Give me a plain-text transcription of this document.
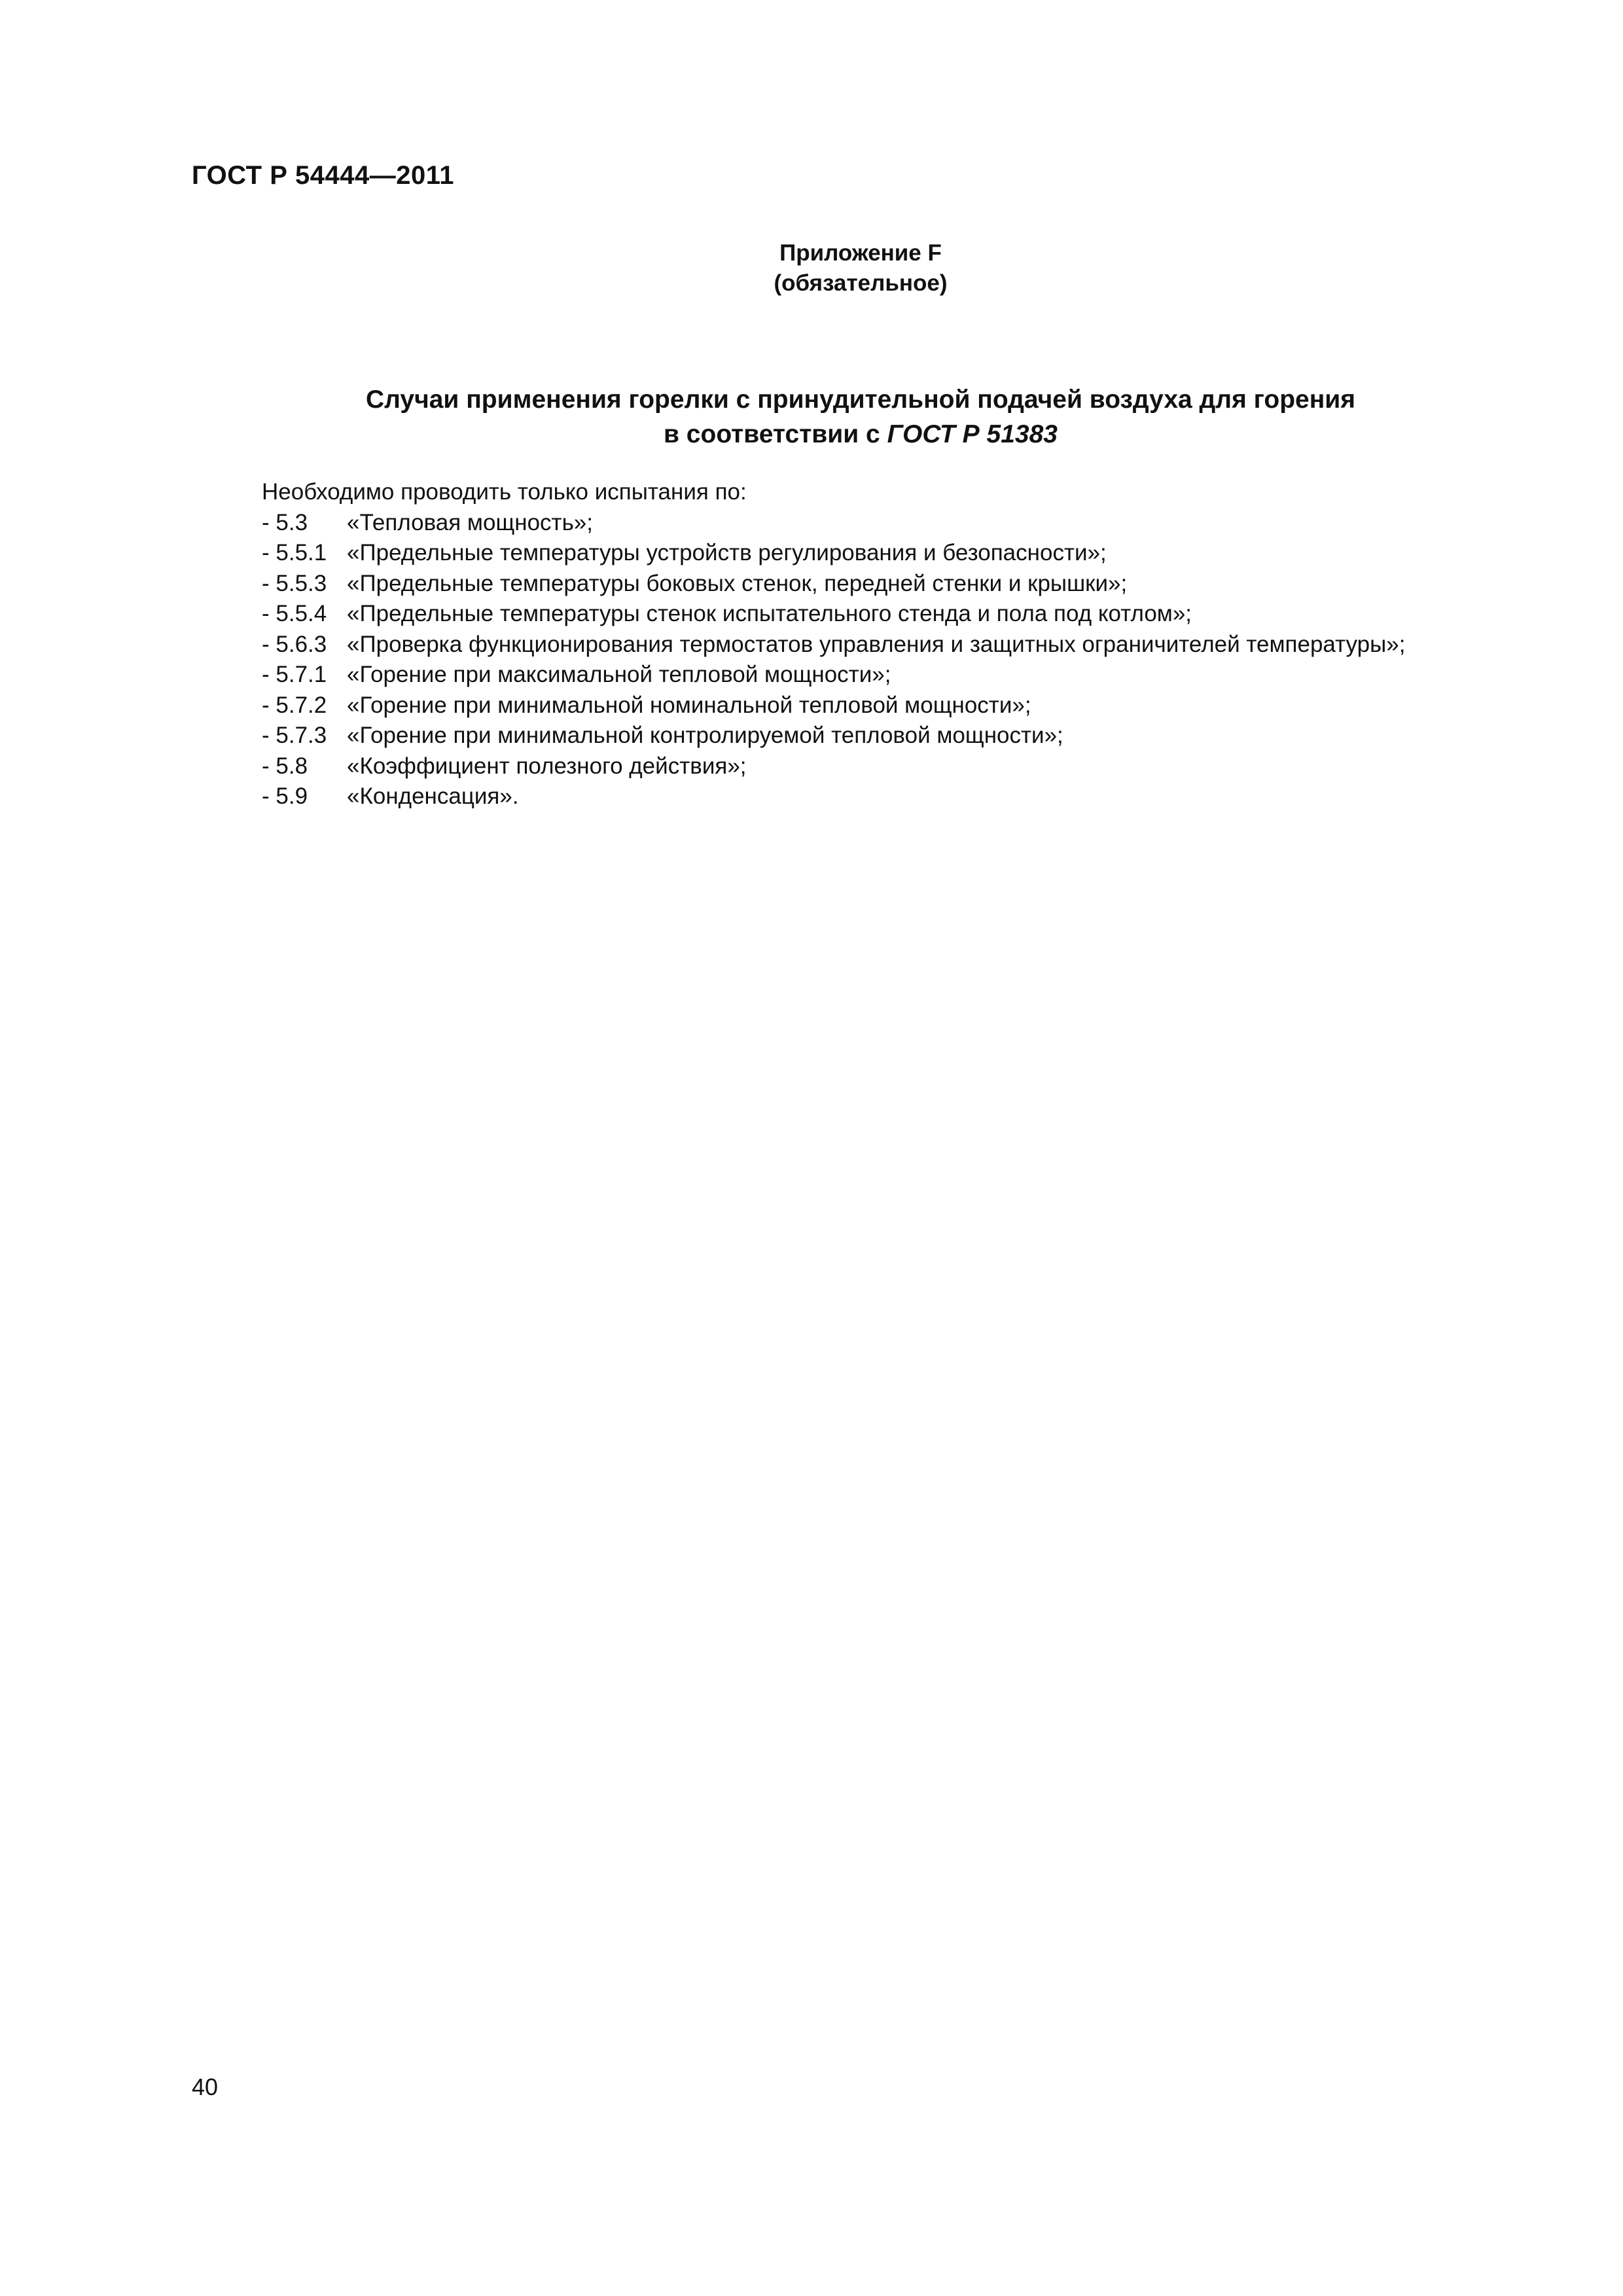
ГОСТ Р 54444—2011
Приложение F
(обязательное)
Случаи применения горелки с принудительной подачей воздуха для горения
в соответствии с ГОСТ Р 51383
Необходимо проводить только испытания по:
- 5.3 «Тепловая мощность»;
- 5.5.1 «Предельные температуры устройств регулирования и безопасности»;
- 5.5.3 «Предельные температуры боковых стенок, передней стенки и крышки»;
- 5.5.4 «Предельные температуры стенок испытательного стенда и пола под котлом»;
- 5.6.3 «Проверка функционирования термостатов управления и защитных ограничителей температуры»;
- 5.7.1 «Горение при максимальной тепловой мощности»;
- 5.7.2 «Горение при минимальной номинальной тепловой мощности»;
- 5.7.3 «Горение при минимальной контролируемой тепловой мощности»;
- 5.8 «Коэффициент полезного действия»;
- 5.9 «Конденсация».
40
